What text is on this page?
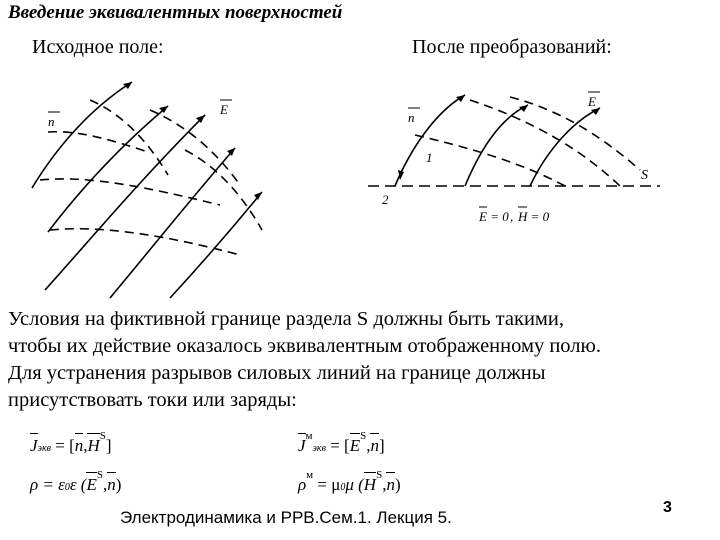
Введение эквивалентных поверхностей
Исходное поле:	После преобразований:
n
E
n
E
1
2
S
E = 0 , H = 0
Условия на фиктивной границе раздела S должны быть такими,
чтобы их действие оказалось эквивалентным отображенному полю.
Для устранения разрывов силовых линий на границе должны
присутствовать токи или заряды:
Jэкв = $[n,H^S]$	$J^мэкв = [E^S,n]$
ρ = ε0ε $(E^S,n)$	$\rho^м = \mu 0\mu$ $(H^S,n)$
Электродинамика и РРВ.Сем.1. Лекция 5.
3
